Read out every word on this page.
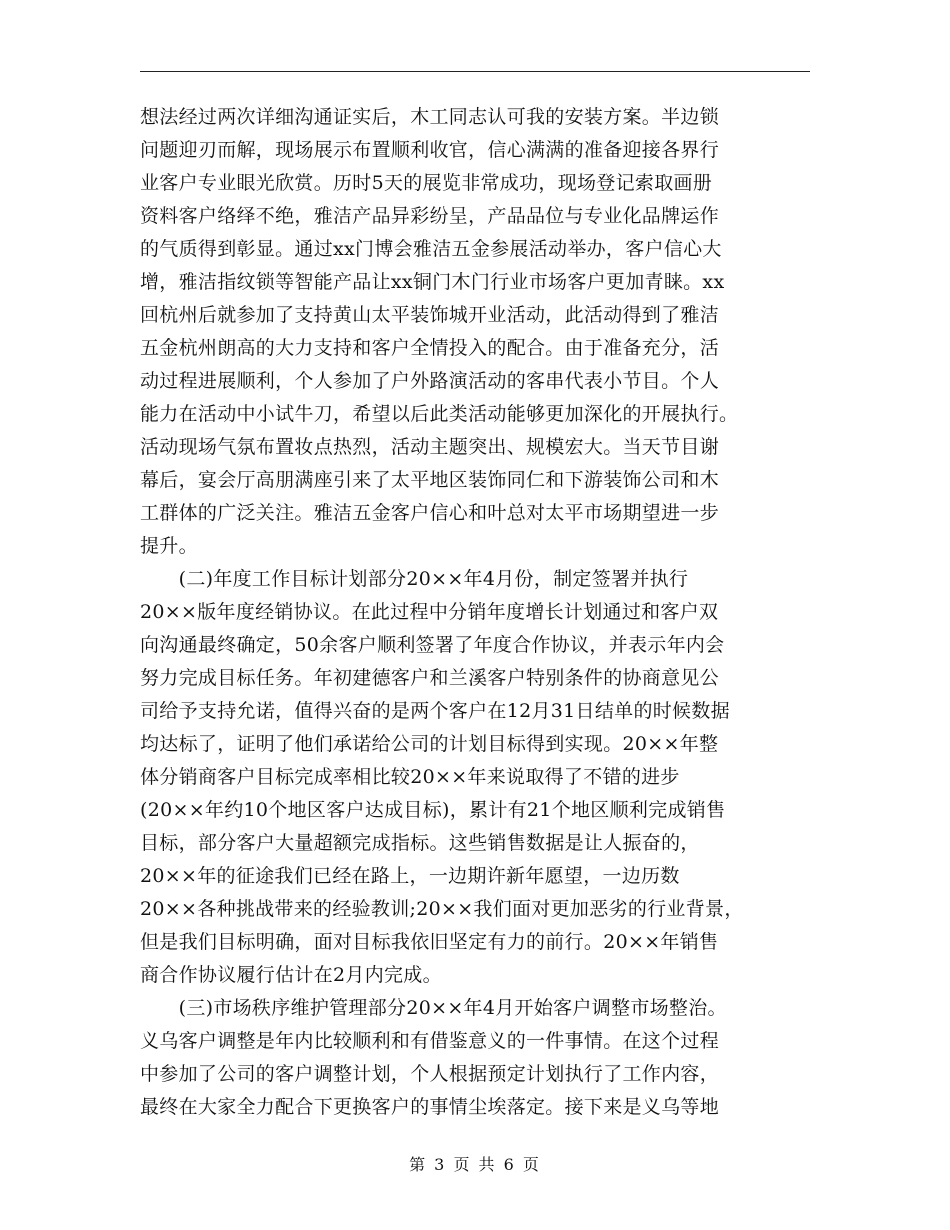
想法经过两次详细沟通证实后，木工同志认可我的安装方案。半边锁
问题迎刃而解，现场展示布置顺利收官，信心满满的准备迎接各界行
业客户专业眼光欣赏。历时5天的展览非常成功，现场登记索取画册
资料客户络绎不绝，雅洁产品异彩纷呈，产品品位与专业化品牌运作
的气质得到彰显。通过xx门博会雅洁五金参展活动举办，客户信心大
增，雅洁指纹锁等智能产品让xx铜门木门行业市场客户更加青睐。xx
回杭州后就参加了支持黄山太平装饰城开业活动，此活动得到了雅洁
五金杭州朗高的大力支持和客户全情投入的配合。由于准备充分，活
动过程进展顺利，个人参加了户外路演活动的客串代表小节目。个人
能力在活动中小试牛刀，希望以后此类活动能够更加深化的开展执行。
活动现场气氛布置妆点热烈，活动主题突出、规模宏大。当天节目谢
幕后，宴会厅高朋满座引来了太平地区装饰同仁和下游装饰公司和木
工群体的广泛关注。雅洁五金客户信心和叶总对太平市场期望进一步
提升。
　　(二)年度工作目标计划部分20××年4月份，制定签署并执行
20××版年度经销协议。在此过程中分销年度增长计划通过和客户双
向沟通最终确定，50余客户顺利签署了年度合作协议，并表示年内会
努力完成目标任务。年初建德客户和兰溪客户特别条件的协商意见公
司给予支持允诺，值得兴奋的是两个客户在12月31日结单的时候数据
均达标了，证明了他们承诺给公司的计划目标得到实现。20××年整
体分销商客户目标完成率相比较20××年来说取得了不错的进步
(20××年约10个地区客户达成目标)，累计有21个地区顺利完成销售
目标，部分客户大量超额完成指标。这些销售数据是让人振奋的，
20××年的征途我们已经在路上，一边期许新年愿望，一边历数
20××各种挑战带来的经验教训;20××我们面对更加恶劣的行业背景，
但是我们目标明确，面对目标我依旧坚定有力的前行。20××年销售
商合作协议履行估计在2月内完成。
　　(三)市场秩序维护管理部分20××年4月开始客户调整市场整治。
义乌客户调整是年内比较顺利和有借鉴意义的一件事情。在这个过程
中参加了公司的客户调整计划，个人根据预定计划执行了工作内容，
最终在大家全力配合下更换客户的事情尘埃落定。接下来是义乌等地
第 3 页 共 6 页
